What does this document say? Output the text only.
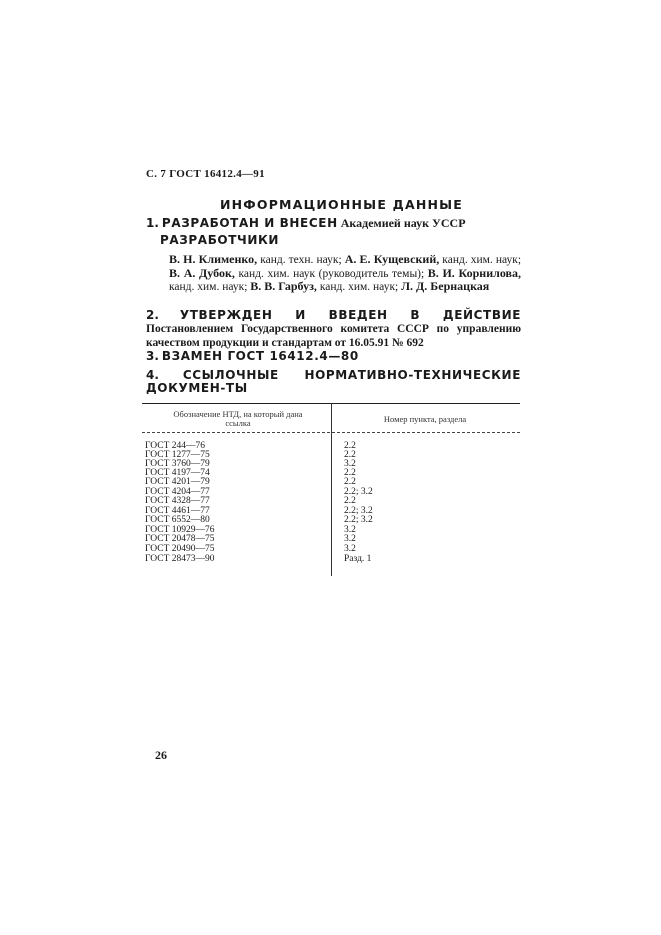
С. 7 ГОСТ 16412.4—91
ИНФОРМАЦИОННЫЕ ДАННЫЕ
1. РАЗРАБОТАН И ВНЕСЕН Академией наук УССР
РАЗРАБОТЧИКИ
В. Н. Клименко, канд. техн. наук; А. Е. Кущевский, канд. хим. наук; В. А. Дубок, канд. хим. наук (руководитель темы); В. И. Корнилова, канд. хим. наук; В. В. Гарбуз, канд. хим. наук; Л. Д. Бернацкая
2. УТВЕРЖДЕН И ВВЕДЕН В ДЕЙСТВИЕ Постановлением Государственного комитета СССР по управлению качеством продукции и стандартам от 16.05.91 № 692
3. ВЗАМЕН ГОСТ 16412.4—80
4. ССЫЛОЧНЫЕ НОРМАТИВНО-ТЕХНИЧЕСКИЕ ДОКУМЕН-ТЫ
Обозначение НТД, на который дана ссылка	Номер пункта, раздела
ГОСТ 244—76	2.2
ГОСТ 1277—75	2.2
ГОСТ 3760—79	3.2
ГОСТ 4197—74	2.2
ГОСТ 4201—79	2.2
ГОСТ 4204—77	2.2; 3.2
ГОСТ 4328—77	2.2
ГОСТ 4461—77	2.2; 3.2
ГОСТ 6552—80	2.2; 3.2
ГОСТ 10929—76	3.2
ГОСТ 20478—75	3.2
ГОСТ 20490—75	3.2
ГОСТ 28473—90	Разд. 1
26
